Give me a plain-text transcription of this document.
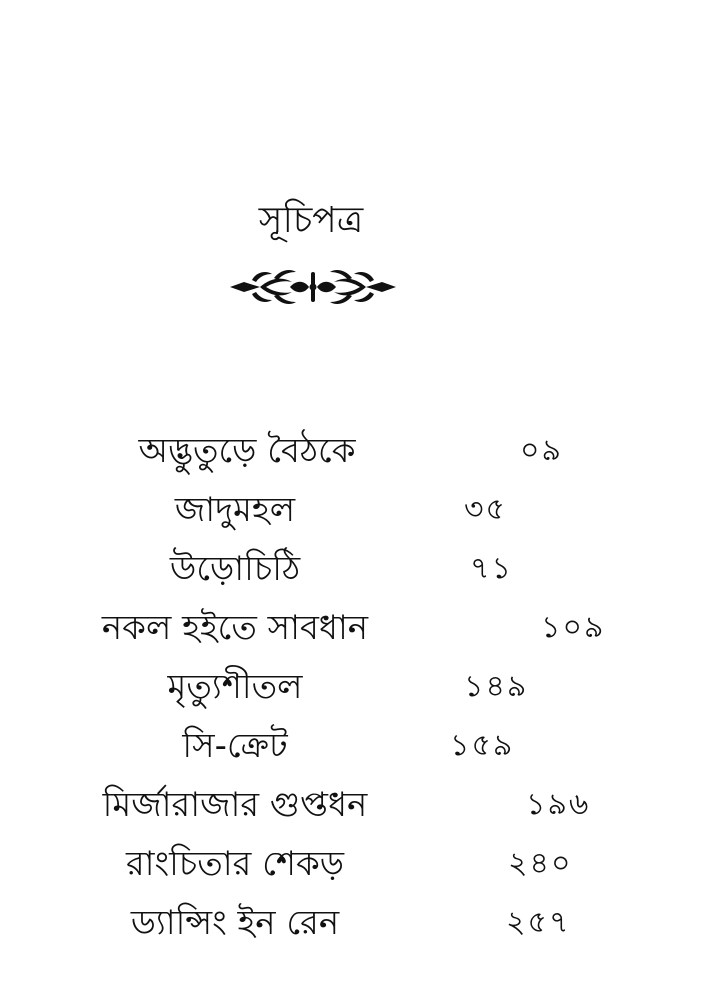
সূচিপত্র
অদ্ভুতুড়ে বৈঠকে	০৯
জাদুমহল	৩৫
উড়োচিঠি	৭১
নকল হইতে সাবধান	১০৯
মৃত্যুশীতল	১৪৯
সি-ক্রেট	১৫৯
মির্জারাজার গুপ্তধন	১৯৬
রাংচিতার শেকড়	২৪০
ড্যান্সিং ইন রেন	২৫৭
